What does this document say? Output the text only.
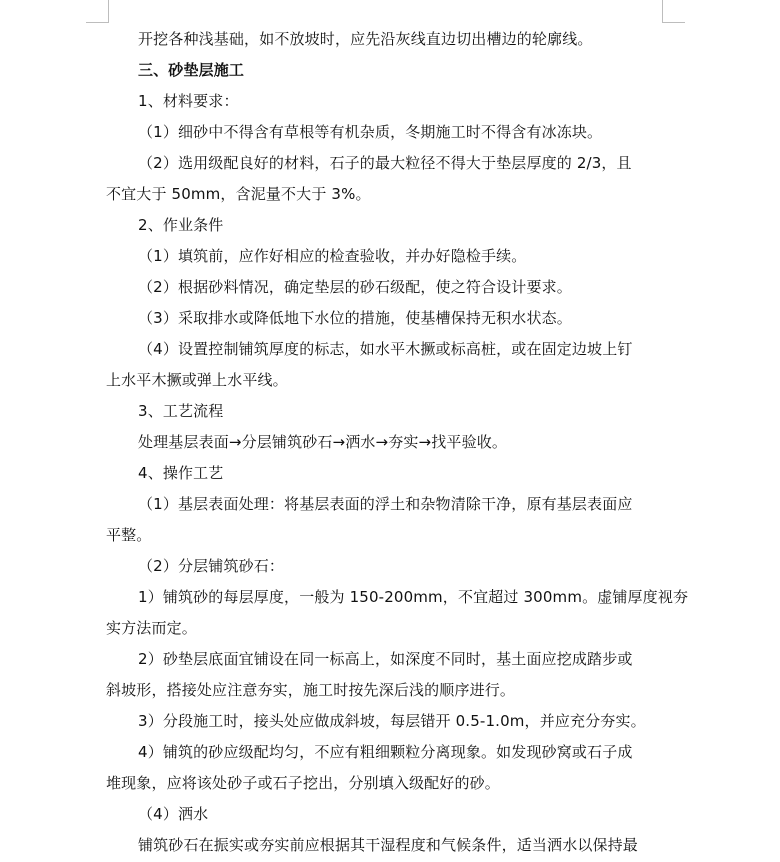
开挖各种浅基础，如不放坡时，应先沿灰线直边切出槽边的轮廓线。
三、砂垫层施工
1、材料要求：
（1）细砂中不得含有草根等有机杂质，冬期施工时不得含有冰冻块。
（2）选用级配良好的材料，石子的最大粒径不得大于垫层厚度的 2/3，且
不宜大于 50mm，含泥量不大于 3%。
2、作业条件
（1）填筑前，应作好相应的检查验收，并办好隐检手续。
（2）根据砂料情况，确定垫层的砂石级配，使之符合设计要求。
（3）采取排水或降低地下水位的措施，使基槽保持无积水状态。
（4）设置控制铺筑厚度的标志，如水平木撅或标高桩，或在固定边坡上钉
上水平木撅或弹上水平线。
3、工艺流程
处理基层表面→分层铺筑砂石→洒水→夯实→找平验收。
4、操作工艺
（1）基层表面处理：将基层表面的浮土和杂物清除干净，原有基层表面应
平整。
（2）分层铺筑砂石：
1）铺筑砂的每层厚度，一般为 150-200mm，不宜超过 300mm。虚铺厚度视夯
实方法而定。
2）砂垫层底面宜铺设在同一标高上，如深度不同时，基土面应挖成踏步或
斜坡形，搭接处应注意夯实，施工时按先深后浅的顺序进行。
3）分段施工时，接头处应做成斜坡，每层错开 0.5-1.0m，并应充分夯实。
4）铺筑的砂应级配均匀，不应有粗细颗粒分离现象。如发现砂窝或石子成
堆现象，应将该处砂子或石子挖出，分别填入级配好的砂。
（4）洒水
铺筑砂石在振实或夯实前应根据其干湿程度和气候条件，适当洒水以保持最
